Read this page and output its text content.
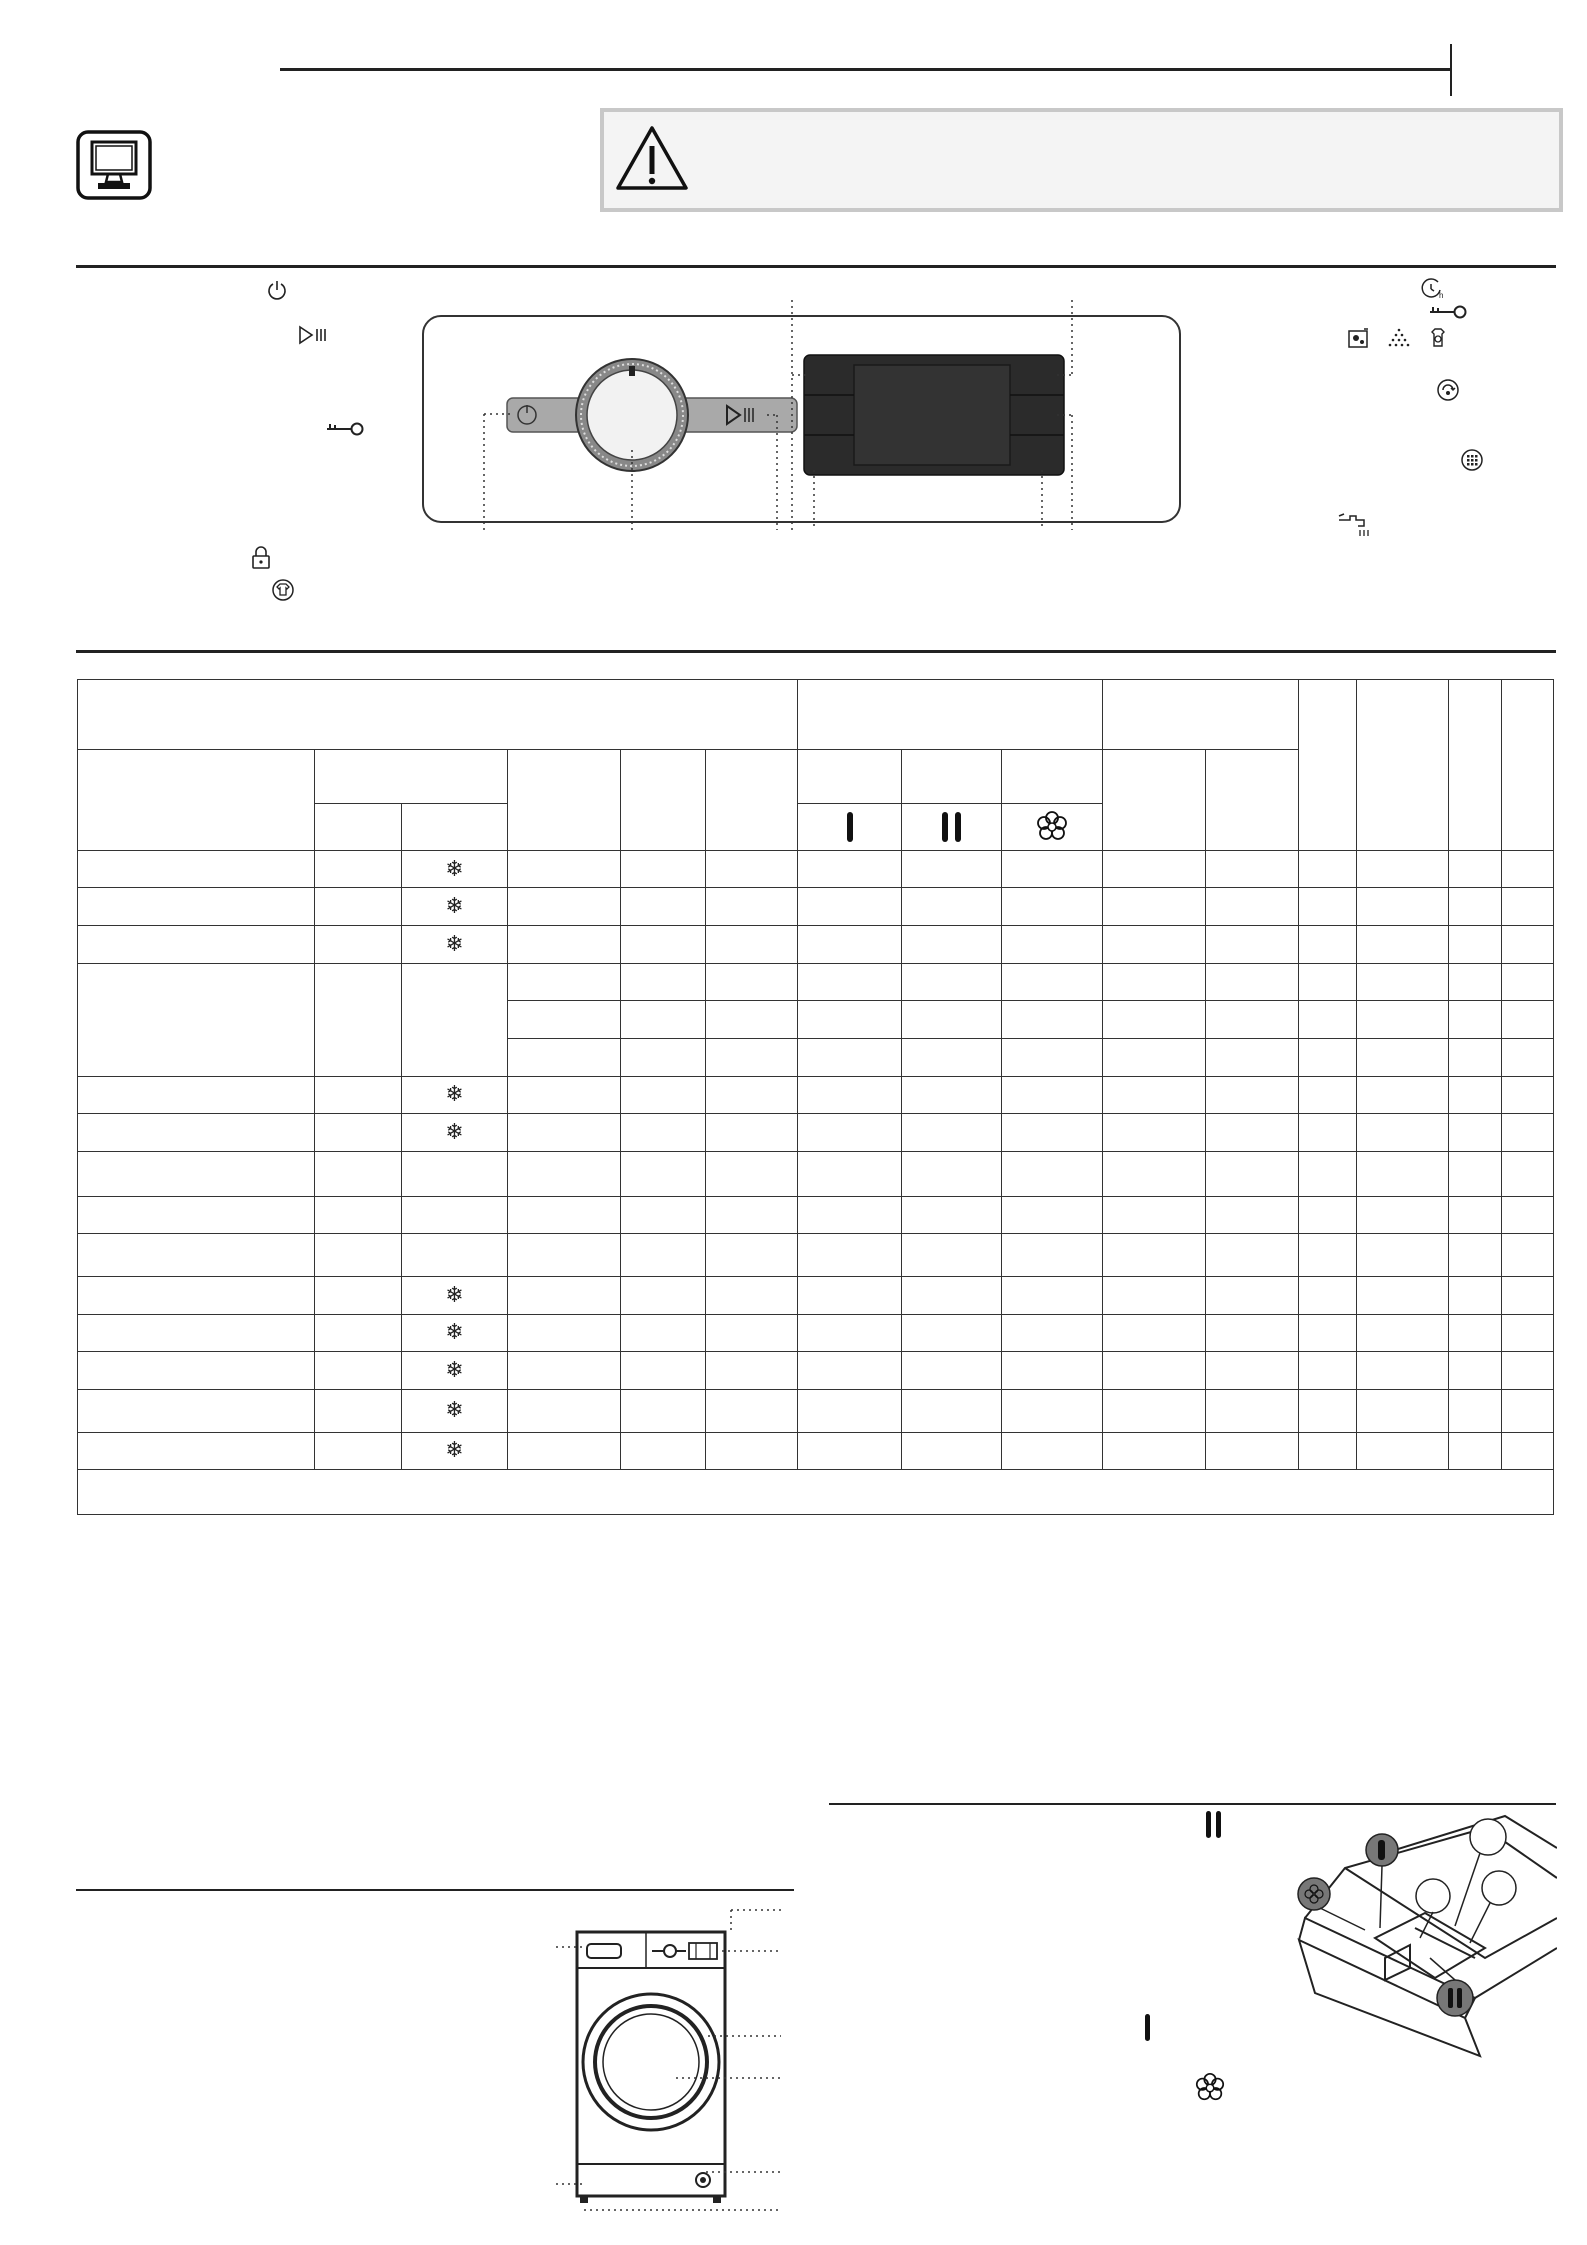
h

		❄												
		❄												
		❄												

		❄												
		❄												

		❄												
		❄												
		❄												
		❄												
		❄												
